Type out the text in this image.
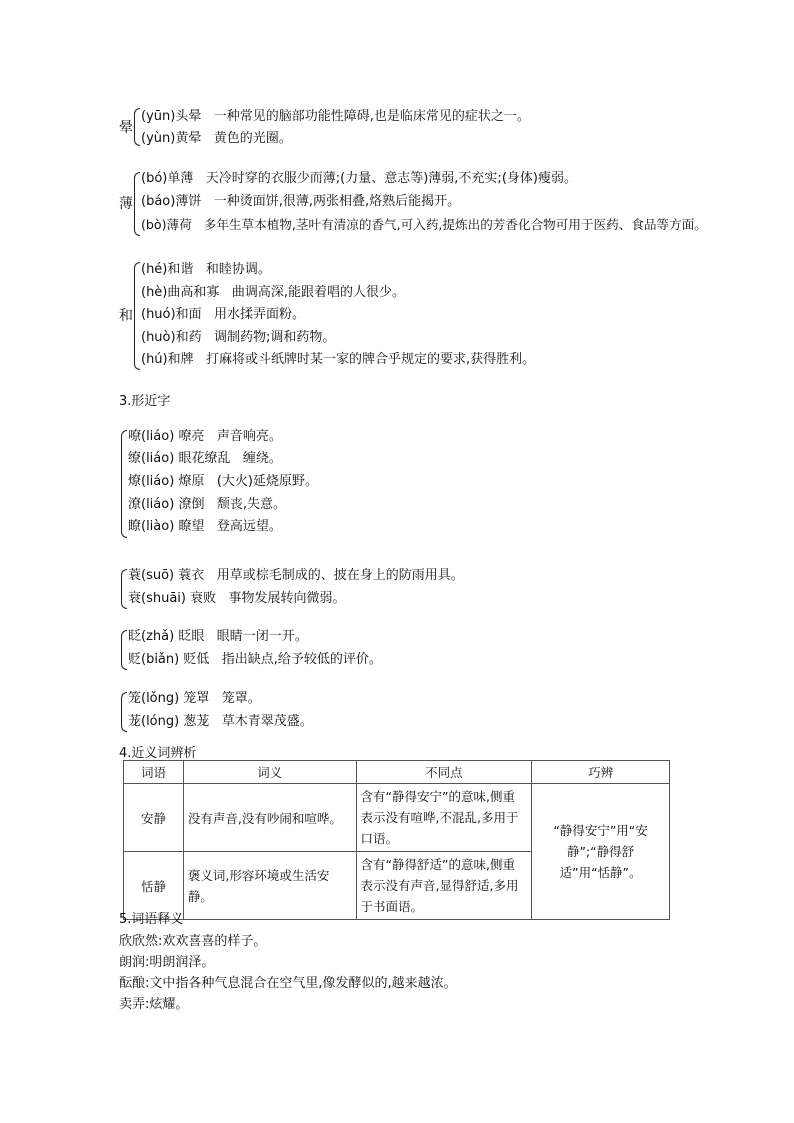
晕
(yūn)头晕 一种常见的脑部功能性障碍,也是临床常见的症状之一。
(yùn)黄晕 黄色的光圈。
薄
(bó)单薄 天冷时穿的衣服少而薄;(力量、意志等)薄弱,不充实;(身体)瘦弱。
(báo)薄饼 一种烫面饼,很薄,两张相叠,烙熟后能揭开。
(bò)薄荷 多年生草本植物,茎叶有清凉的香气,可入药,提炼出的芳香化合物可用于医药、食品等方面。
和
(hé)和谐 和睦协调。
(hè)曲高和寡 曲调高深,能跟着唱的人很少。
(huó)和面 用水揉弄面粉。
(huò)和药 调制药物;调和药物。
(hú)和牌 打麻将或斗纸牌时某一家的牌合乎规定的要求,获得胜利。
3.形近字
嘹(liáo) 嘹亮 声音响亮。
缭(liáo) 眼花缭乱 缠绕。
燎(liáo) 燎原 (大火)延烧原野。
潦(liáo) 潦倒 颓丧,失意。
瞭(liào) 瞭望 登高远望。
蓑(suō) 蓑衣 用草或棕毛制成的、披在身上的防雨用具。
衰(shuāi) 衰败 事物发展转向微弱。
眨(zhǎ) 眨眼 眼睛一闭一开。
贬(biǎn) 贬低 指出缺点,给予较低的评价。
笼(lǒng) 笼罩 笼罩。
茏(lóng) 葱茏 草木青翠茂盛。
4.近义词辨析
词语	词义	不同点	巧辨
安静	没有声音,没有吵闹和喧哗。	含有“静得安宁”的意味,侧重表示没有喧哗,不混乱,多用于口语。	“静得安宁”用“安静”;“静得舒适”用“恬静”。
恬静	褒义词,形容环境或生活安静。	含有“静得舒适”的意味,侧重表示没有声音,显得舒适,多用于书面语。	
5.词语释义
欣欣然:欢欢喜喜的样子。
朗润:明朗润泽。
酝酿:文中指各种气息混合在空气里,像发酵似的,越来越浓。
卖弄:炫耀。
